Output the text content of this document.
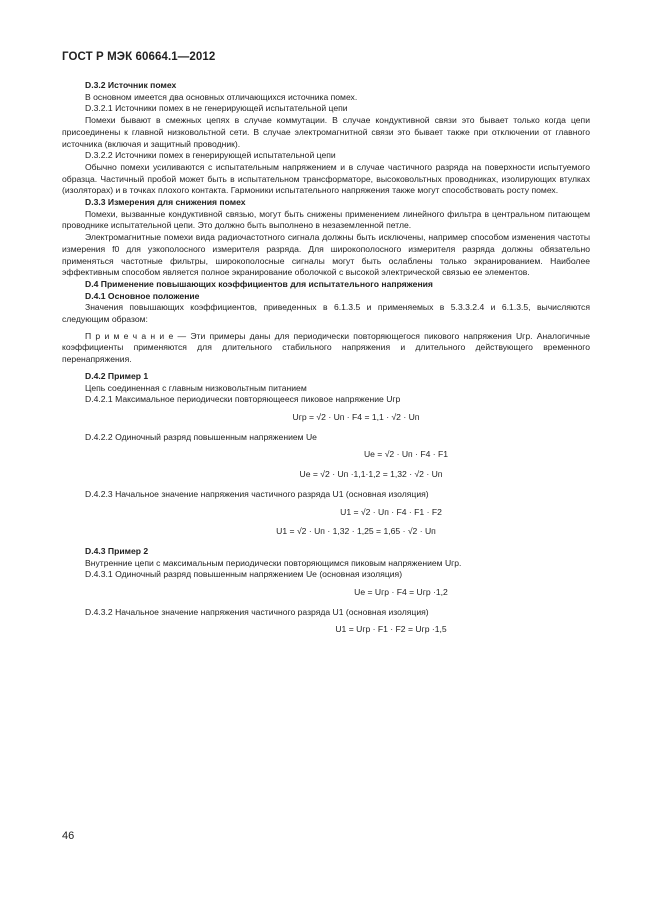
ГОСТ Р МЭК 60664.1—2012

D.3.2 Источник помех

В основном имеется два основных отличающихся источника помех.

D.3.2.1 Источники помех в не генерирующей испытательной цепи

Помехи бывают в смежных цепях в случае коммутации. В случае кондуктивной связи это бывает только когда цепи присоединены к главной низковольтной сети. В случае электромагнитной связи это бывает также при отключении от главного источника (включая и защитный проводник).

D.3.2.2 Источники помех в генерирующей испытательной цепи

Обычно помехи усиливаются с испытательным напряжением и в случае частичного разряда на поверхности испытуемого образца. Частичный пробой может быть в испытательном трансформаторе, высоковольтных проводниках, изолирующих втулках (изоляторах) и в точках плохого контакта. Гармоники испытательного напряжения также могут способствовать росту помех.

D.3.3 Измерения для снижения помех

Помехи, вызванные кондуктивной связью, могут быть снижены применением линейного фильтра в центральном питающем проводнике испытательной цепи. Это должно быть выполнено в незаземленной петле.

Электромагнитные помехи вида радиочастотного сигнала должны быть исключены, например способом изменения частоты измерения f0 для узкополосного измерителя разряда. Для широкополосного измерителя разряда должны обязательно применяться частотные фильтры, широкополосные сигналы могут быть ослаблены только экранированием. Наиболее эффективным способом является полное экранирование оболочкой с высокой электрической связью ее элементов.

D.4 Применение повышающих коэффициентов для испытательного напряжения

D.4.1 Основное положение

Значения повышающих коэффициентов, приведенных в 6.1.3.5 и применяемых в 5.3.3.2.4 и 6.1.3.5, вычисляются следующим образом:

П р и м е ч а н и е — Эти примеры даны для периодически повторяющегося пикового напряжения Uгр. Аналогичные коэффициенты применяются для длительного стабильного напряжения и длительного действующего временного перенапряжения.

D.4.2 Пример 1

Цепь соединенная с главным низковольтным питанием

D.4.2.1 Максимальное периодически повторяющееся пиковое напряжение Uгр

Uгр = √2 · Uп · F4 = 1,1 · √2 · Uп

D.4.2.2 Одиночный разряд повышенным напряжением Uе

Uе = √2 · Uп · F4 · F1

Uе = √2 · Uп ·1,1·1,2 = 1,32 · √2 · Uп

D.4.2.3 Начальное значение напряжения частичного разряда U1 (основная изоляция)

U1 = √2 · Uп · F4 · F1 · F2

U1 = √2 · Uп · 1,32 · 1,25 = 1,65 · √2 · Uп

D.4.3 Пример 2

Внутренние цепи с максимальным периодически повторяющимся пиковым напряжением Uгр.

D.4.3.1 Одиночный разряд повышенным напряжением Uе (основная изоляция)

Uе = Uгр · F4 = Uгр ·1,2

D.4.3.2 Начальное значение напряжения частичного разряда U1 (основная изоляция)

U1 = Uгр · F1 · F2 = Uгр ·1,5

46
